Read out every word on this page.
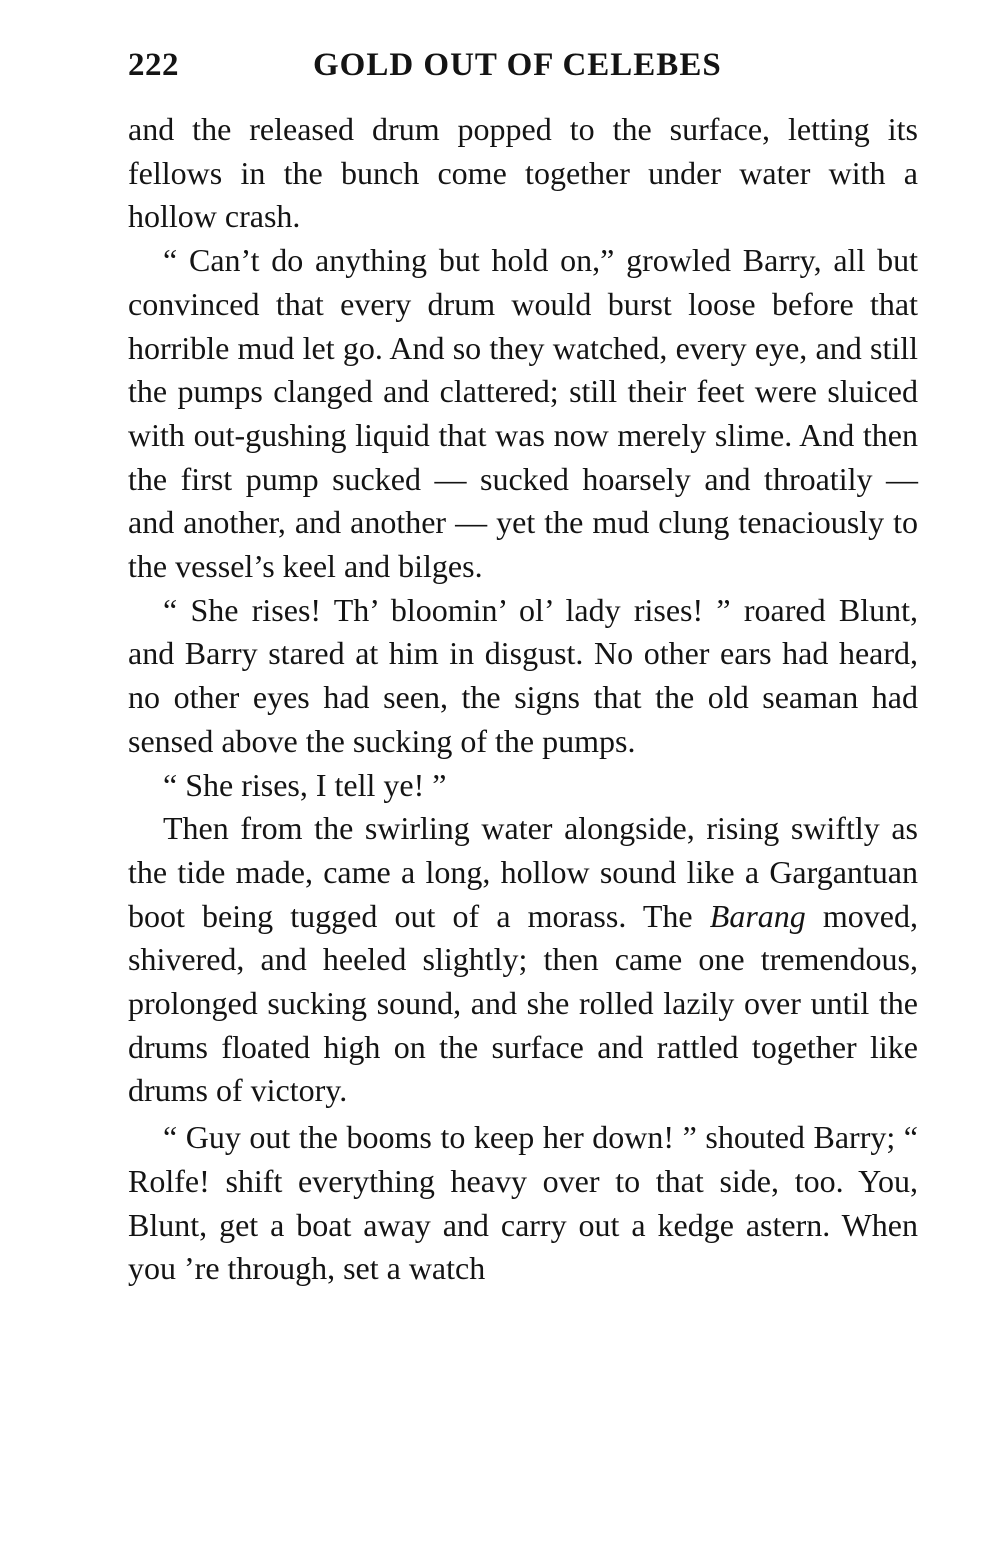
222	GOLD OUT OF CELEBES

and the released drum popped to the surface, letting its fellows in the bunch come together under water with a hollow crash.

“ Can’t do anything but hold on,” growled Barry, all but convinced that every drum would burst loose before that horrible mud let go. And so they watched, every eye, and still the pumps clanged and clattered; still their feet were sluiced with out-gushing liquid that was now merely slime. And then the first pump sucked — sucked hoarsely and throatily — and another, and another — yet the mud clung tenaciously to the vessel’s keel and bilges.

“ She rises! Th’ bloomin’ ol’ lady rises! ” roared Blunt, and Barry stared at him in disgust. No other ears had heard, no other eyes had seen, the signs that the old seaman had sensed above the sucking of the pumps.

“ She rises, I tell ye! ”

Then from the swirling water alongside, rising swiftly as the tide made, came a long, hollow sound like a Gargantuan boot being tugged out of a morass. The Barang moved, shivered, and heeled slightly; then came one tremendous, prolonged sucking sound, and she rolled lazily over until the drums floated high on the surface and rattled together like drums of victory.

“ Guy out the booms to keep her down! ” shouted Barry; “ Rolfe! shift everything heavy over to that side, too. You, Blunt, get a boat away and carry out a kedge astern. When you ’re through, set a watch
